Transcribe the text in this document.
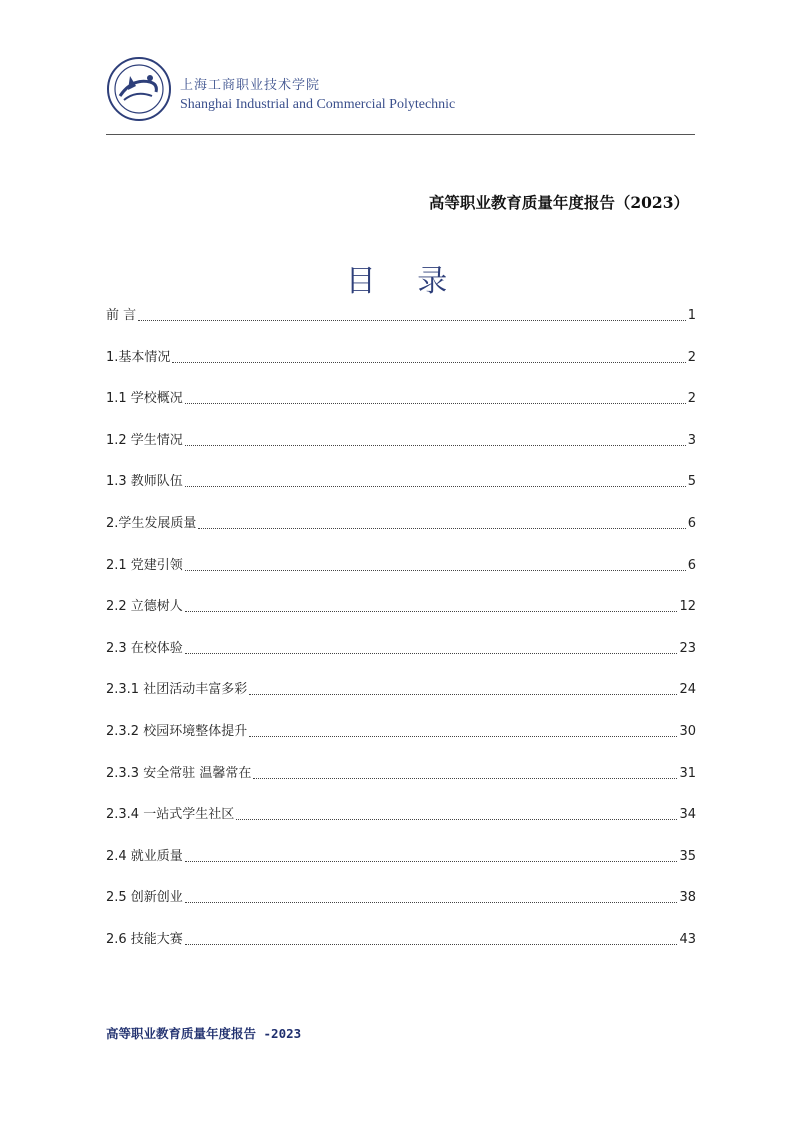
上海工商职业技术学院
Shanghai Industrial and Commercial Polytechnic
高等职业教育质量年度报告（2023）
目 录
前 言	1
1.基本情况	2
1.1 学校概况	2
1.2 学生情况	3
1.3 教师队伍	5
2.学生发展质量	6
2.1 党建引领	6
2.2 立德树人	12
2.3 在校体验	23
2.3.1 社团活动丰富多彩	24
2.3.2 校园环境整体提升	30
2.3.3 安全常驻 温馨常在	31
2.3.4 一站式学生社区	34
2.4 就业质量	35
2.5 创新创业	38
2.6 技能大赛	43
高等职业教育质量年度报告 -2023
